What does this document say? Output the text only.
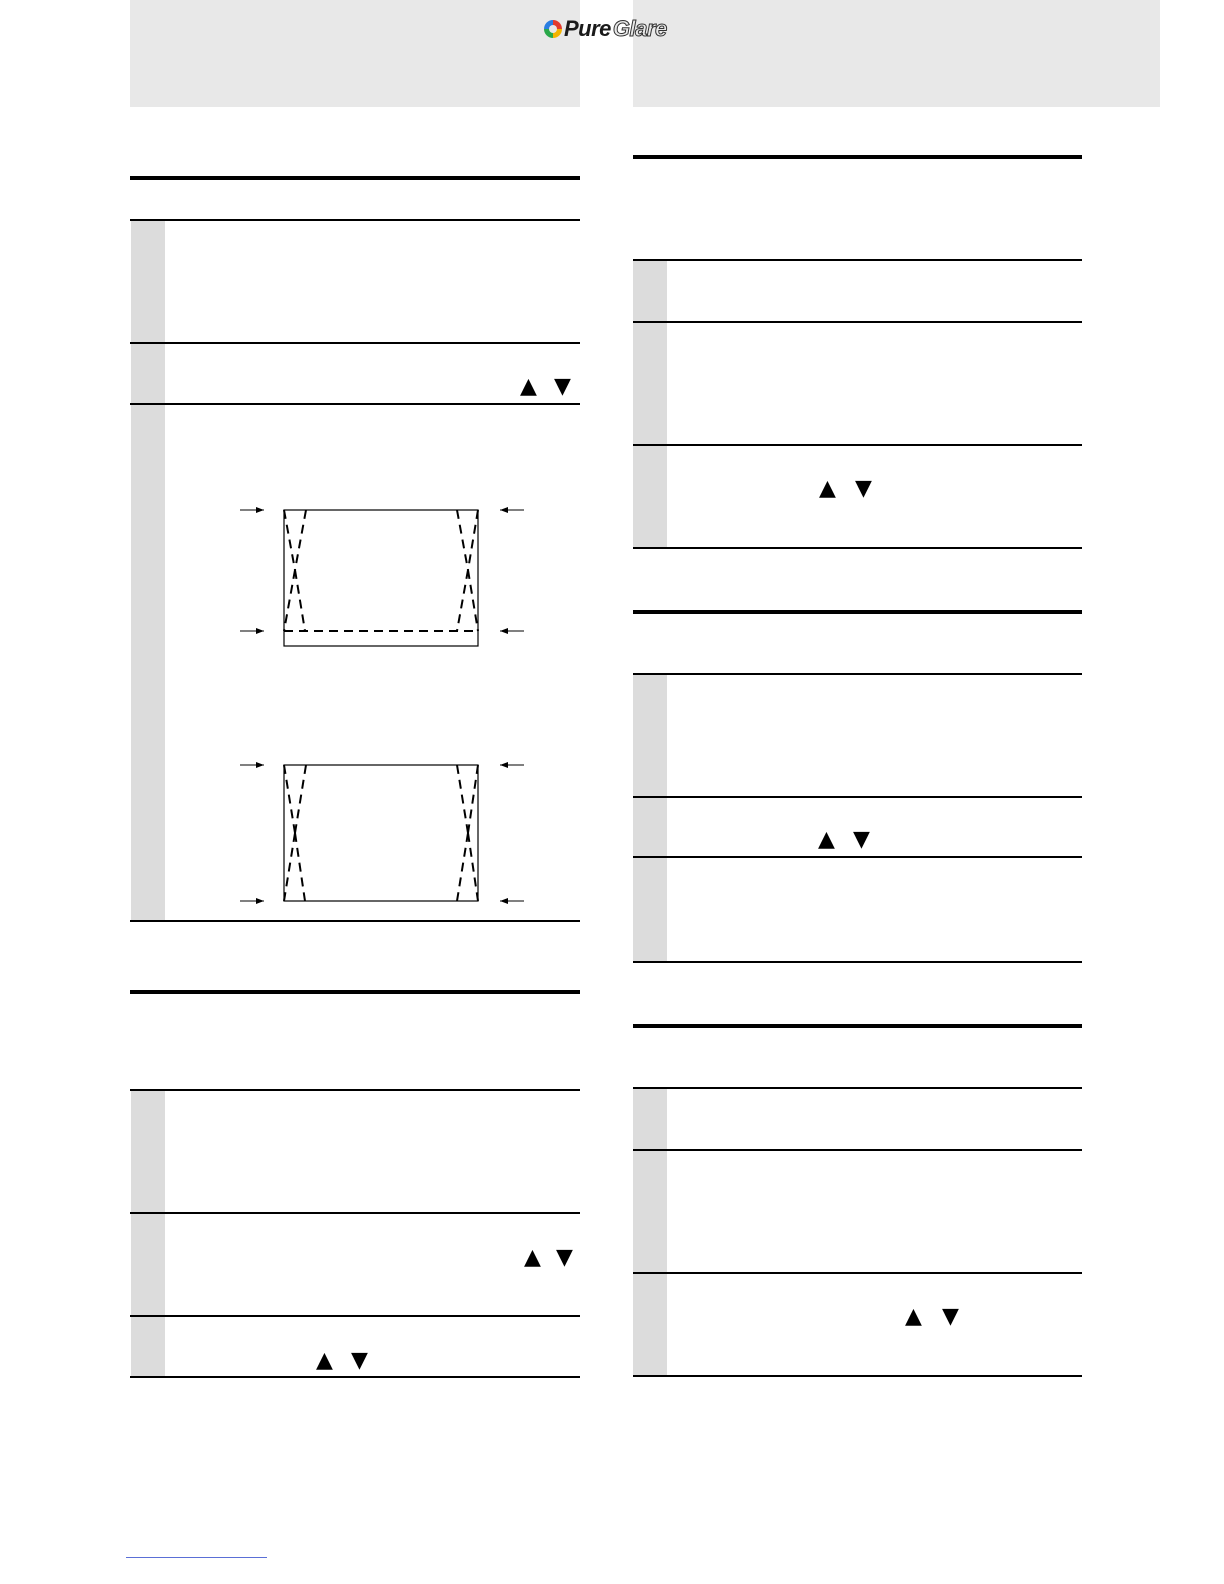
Pure Glare
▲ ▼
▲ ▼
▲ ▼
▲ ▼
▲ ▼
▲ ▼
